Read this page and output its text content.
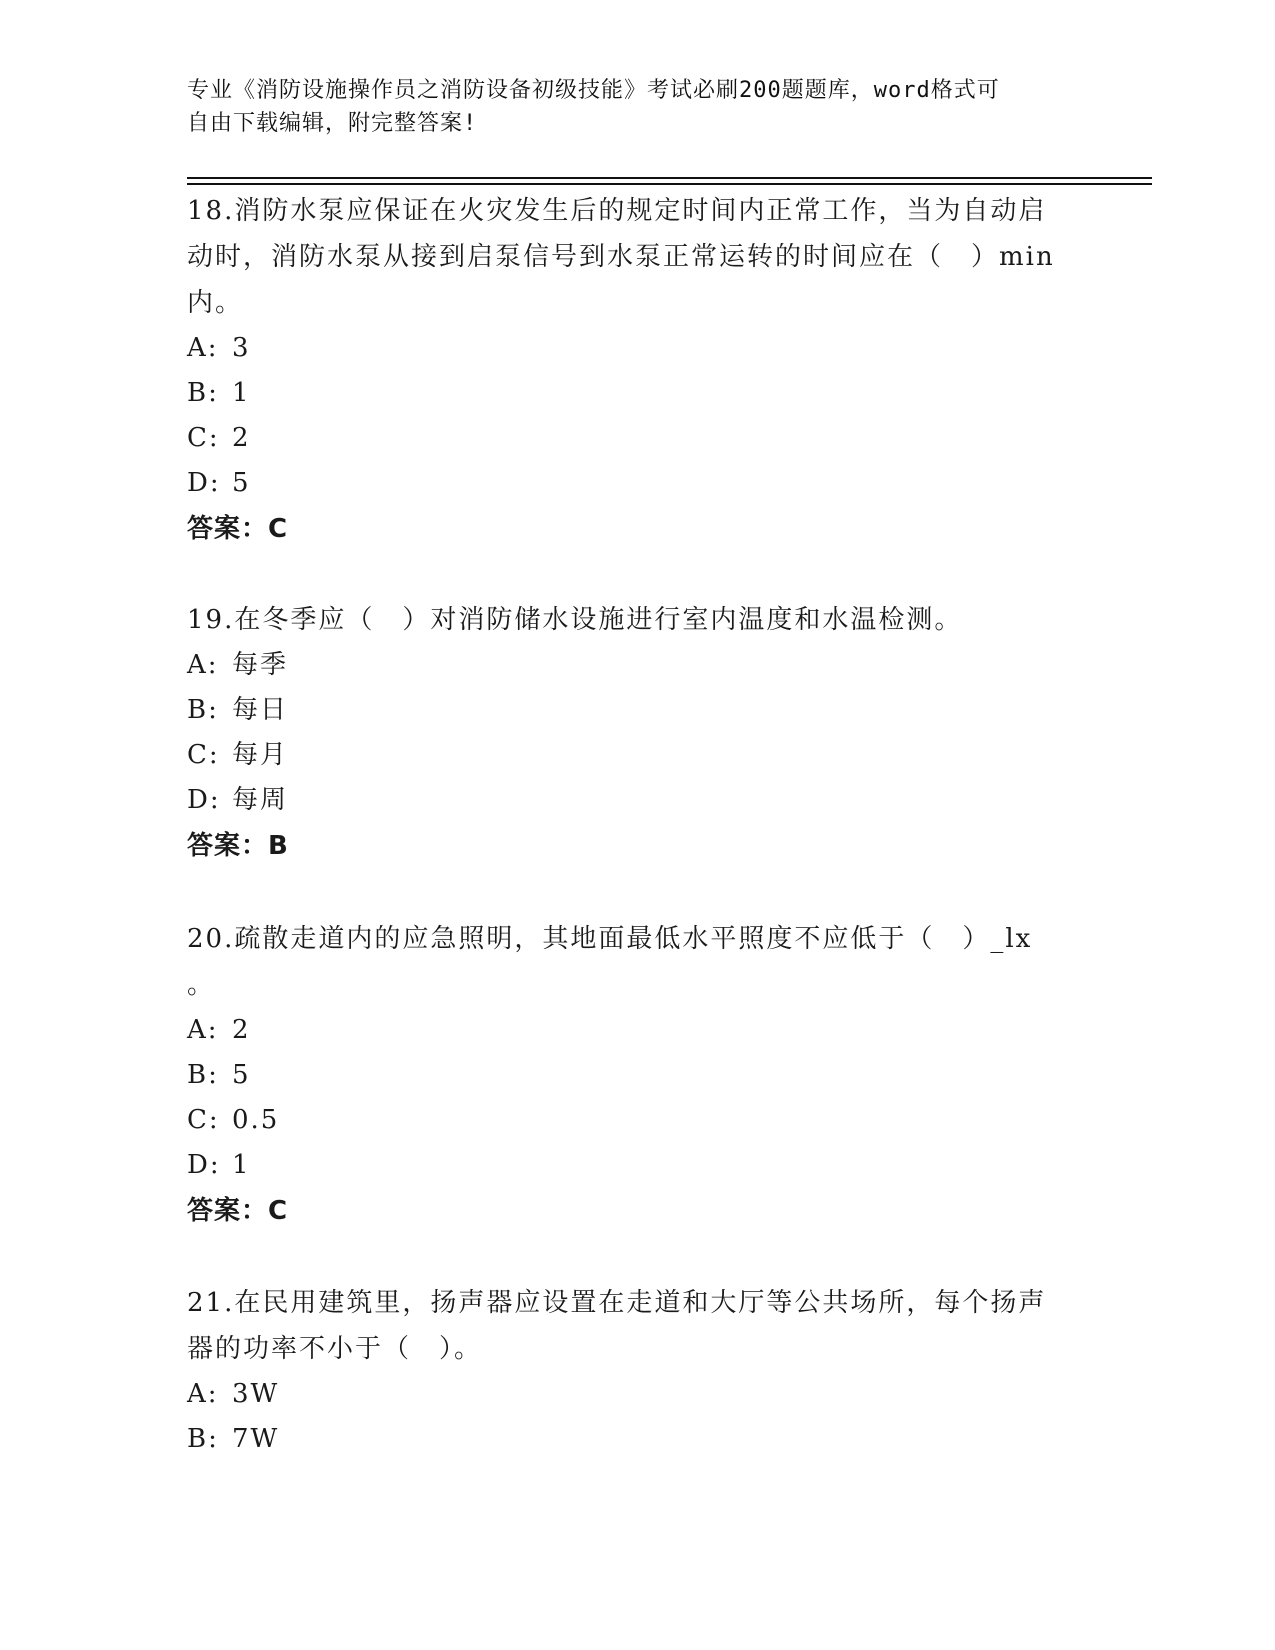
专业《消防设施操作员之消防设备初级技能》考试必刷200题题库，word格式可
自由下载编辑，附完整答案!
18.消防水泵应保证在火灾发生后的规定时间内正常工作，当为自动启
动时，消防水泵从接到启泵信号到水泵正常运转的时间应在（　）min
内。
A: 3
B: 1
C: 2
D: 5
答案：C
19.在冬季应（　）对消防储水设施进行室内温度和水温检测。
A: 每季
B: 每日
C: 每月
D: 每周
答案：B
20.疏散走道内的应急照明，其地面最低水平照度不应低于（　）_lx
。
A: 2
B: 5
C: 0.5
D: 1
答案：C
21.在民用建筑里，扬声器应设置在走道和大厅等公共场所，每个扬声
器的功率不小于（　）。
A: 3W
B: 7W
